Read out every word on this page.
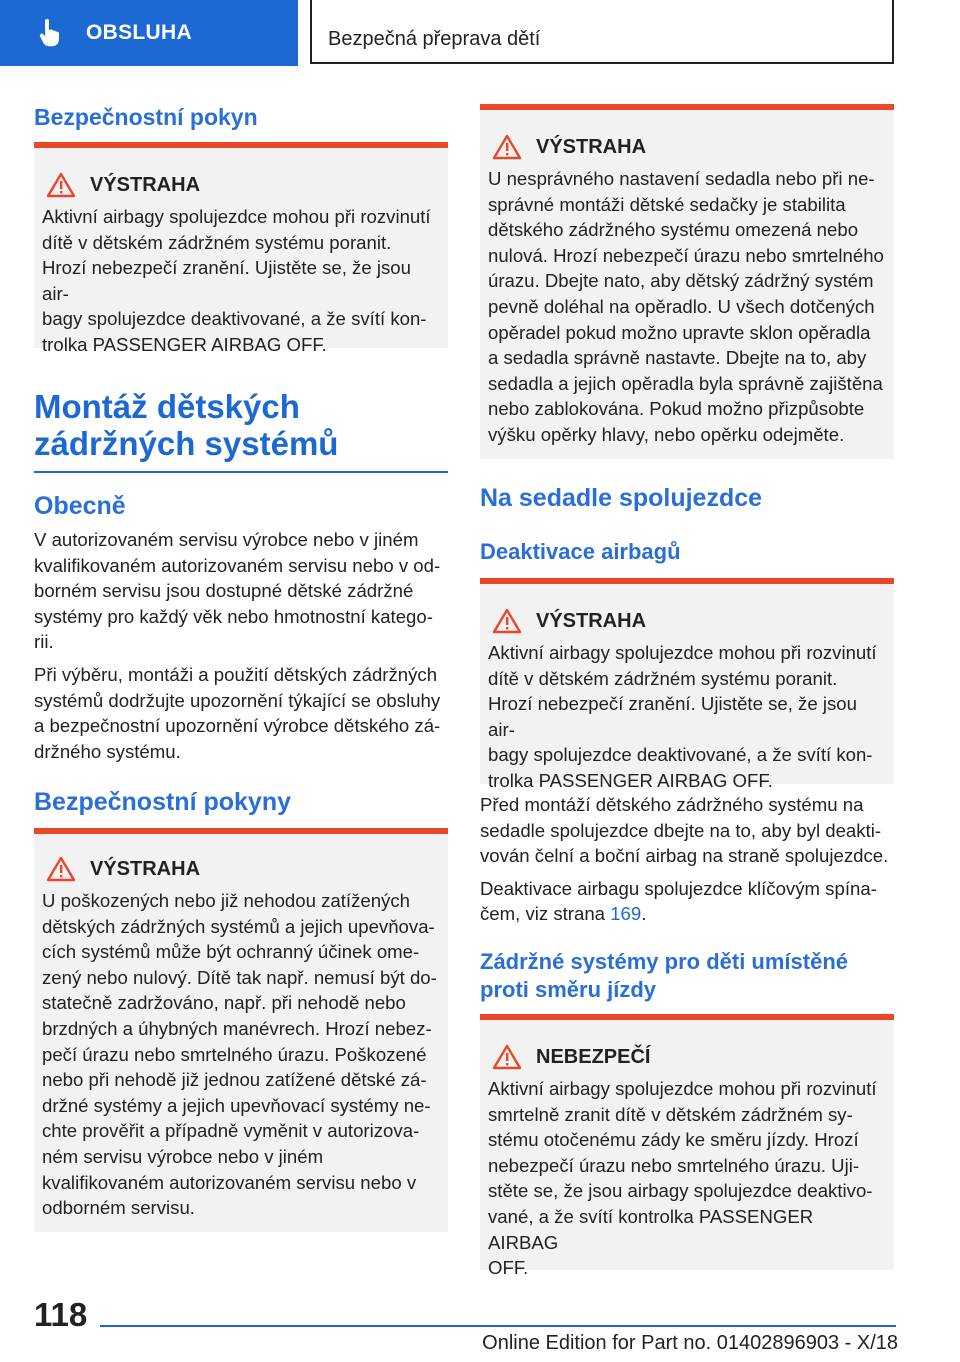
OBSLUHA	Bezpečná přeprava dětí
Bezpečnostní pokyn
VÝSTRAHA

Aktivní airbagy spolujezdce mohou při rozvinutí
dítě v dětském zádržném systému poranit.
Hrozí nebezpečí zranění. Ujistěte se, že jsou air-
bagy spolujezdce deaktivované, a že svítí kon-
trolka PASSENGER AIRBAG OFF.

Montáž dětských
zádržných systémů
Obecně

V autorizovaném servisu výrobce nebo v jiném
kvalifikovaném autorizovaném servisu nebo v od-
borném servisu jsou dostupné dětské zádržné
systémy pro každý věk nebo hmotnostní katego-
rii.

Při výběru, montáži a použití dětských zádržných
systémů dodržujte upozornění týkající se obsluhy
a bezpečnostní upozornění výrobce dětského zá-
držného systému.

Bezpečnostní pokyny
VÝSTRAHA

U poškozených nebo již nehodou zatížených
dětských zádržných systémů a jejich upevňova-
cích systémů může být ochranný účinek ome-
zený nebo nulový. Dítě tak např. nemusí být do-
statečně zadržováno, např. při nehodě nebo
brzdných a úhybných manévrech. Hrozí nebez-
pečí úrazu nebo smrtelného úrazu. Poškozené
nebo při nehodě již jednou zatížené dětské zá-
držné systémy a jejich upevňovací systémy ne-
chte prověřit a případně vyměnit v autorizova-
ném servisu výrobce nebo v jiném
kvalifikovaném autorizovaném servisu nebo v
odborném servisu.

VÝSTRAHA

U nesprávného nastavení sedadla nebo při ne-
správné montáži dětské sedačky je stabilita
dětského zádržného systému omezená nebo
nulová. Hrozí nebezpečí úrazu nebo smrtelného
úrazu. Dbejte nato, aby dětský zádržný systém
pevně doléhal na opěradlo. U všech dotčených
opěradel pokud možno upravte sklon opěradla
a sedadla správně nastavte. Dbejte na to, aby
sedadla a jejich opěradla byla správně zajištěna
nebo zablokována. Pokud možno přizpůsobte
výšku opěrky hlavy, nebo opěrku odejměte.

Na sedadle spolujezdce
Deaktivace airbagů
VÝSTRAHA

Aktivní airbagy spolujezdce mohou při rozvinutí
dítě v dětském zádržném systému poranit.
Hrozí nebezpečí zranění. Ujistěte se, že jsou air-
bagy spolujezdce deaktivované, a že svítí kon-
trolka PASSENGER AIRBAG OFF.

Před montáží dětského zádržného systému na
sedadle spolujezdce dbejte na to, aby byl deakti-
vován čelní a boční airbag na straně spolujezdce.

Deaktivace airbagu spolujezdce klíčovým spína-
čem, viz strana 169.

Zádržné systémy pro děti umístěné
proti směru jízdy
NEBEZPEČÍ

Aktivní airbagy spolujezdce mohou při rozvinutí
smrtelně zranit dítě v dětském zádržném sy-
stému otočenému zády ke směru jízdy. Hrozí
nebezpečí úrazu nebo smrtelného úrazu. Uji-
stěte se, že jsou airbagy spolujezdce deaktivo-
vané, a že svítí kontrolka PASSENGER AIRBAG
OFF.

118
Online Edition for Part no. 01402896903 - X/18
